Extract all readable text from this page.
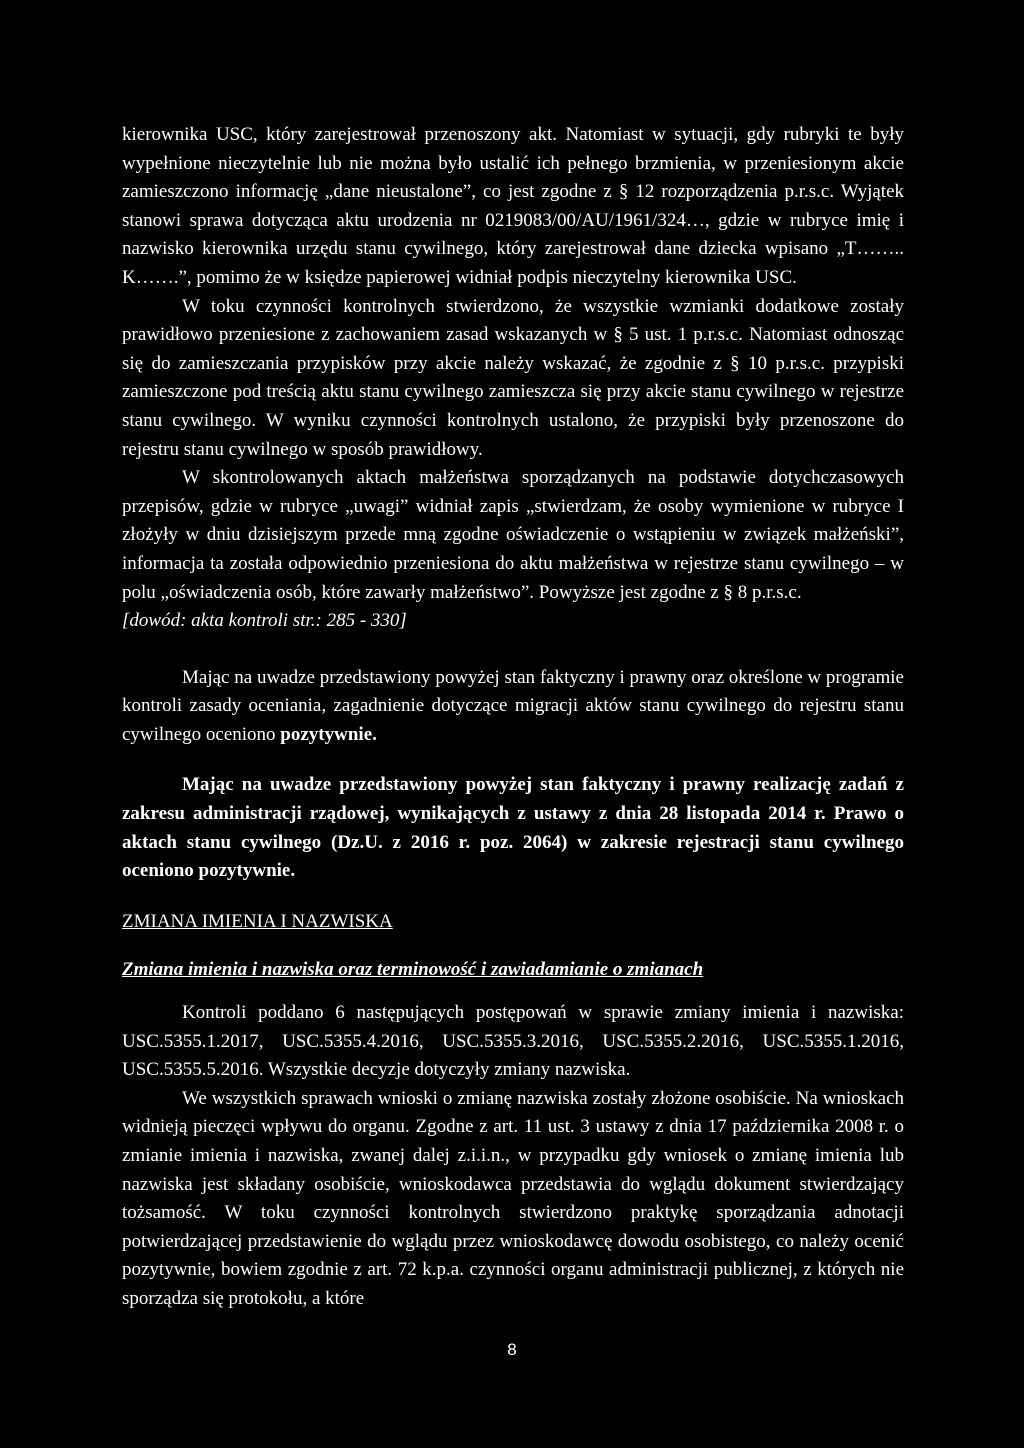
kierownika USC, który zarejestrował przenoszony akt. Natomiast w sytuacji, gdy rubryki te były wypełnione nieczytelnie lub nie można było ustalić ich pełnego brzmienia, w przeniesionym akcie zamieszczono informację „dane nieustalone”, co jest zgodne z § 12 rozporządzenia p.r.s.c. Wyjątek stanowi sprawa dotycząca aktu urodzenia nr 0219083/00/AU/1961/324…, gdzie w rubryce imię i nazwisko kierownika urzędu stanu cywilnego, który zarejestrował dane dziecka wpisano „T…….. K…….”, pomimo że w księdze papierowej widniał podpis nieczytelny kierownika USC.

W toku czynności kontrolnych stwierdzono, że wszystkie wzmianki dodatkowe zostały prawidłowo przeniesione z zachowaniem zasad wskazanych w § 5 ust. 1 p.r.s.c. Natomiast odnosząc się do zamieszczania przypisków przy akcie należy wskazać, że zgodnie z § 10 p.r.s.c. przypiski zamieszczone pod treścią aktu stanu cywilnego zamieszcza się przy akcie stanu cywilnego w rejestrze stanu cywilnego. W wyniku czynności kontrolnych ustalono, że przypiski były przenoszone do rejestru stanu cywilnego w sposób prawidłowy.

W skontrolowanych aktach małżeństwa sporządzanych na podstawie dotychczasowych przepisów, gdzie w rubryce „uwagi” widniał zapis „stwierdzam, że osoby wymienione w rubryce I złożyły w dniu dzisiejszym przede mną zgodne oświadczenie o wstąpieniu w związek małżeński”, informacja ta została odpowiednio przeniesiona do aktu małżeństwa w rejestrze stanu cywilnego – w polu „oświadczenia osób, które zawarły małżeństwo”. Powyższe jest zgodne z § 8 p.r.s.c.

[dowód: akta kontroli str.: 285 - 330]

Mając na uwadze przedstawiony powyżej stan faktyczny i prawny oraz określone w programie kontroli zasady oceniania, zagadnienie dotyczące migracji aktów stanu cywilnego do rejestru stanu cywilnego oceniono pozytywnie.

Mając na uwadze przedstawiony powyżej stan faktyczny i prawny realizację zadań z zakresu administracji rządowej, wynikających z ustawy z dnia 28 listopada 2014 r. Prawo o aktach stanu cywilnego (Dz.U. z 2016 r. poz. 2064) w zakresie rejestracji stanu cywilnego oceniono pozytywnie.

ZMIANA IMIENIA I NAZWISKA

Zmiana imienia i nazwiska oraz terminowość i zawiadamianie o zmianach

Kontroli poddano 6 następujących postępowań w sprawie zmiany imienia i nazwiska: USC.5355.1.2017, USC.5355.4.2016, USC.5355.3.2016, USC.5355.2.2016, USC.5355.1.2016, USC.5355.5.2016. Wszystkie decyzje dotyczyły zmiany nazwiska.

We wszystkich sprawach wnioski o zmianę nazwiska zostały złożone osobiście. Na wnioskach widnieją pieczęci wpływu do organu. Zgodne z art. 11 ust. 3 ustawy z dnia 17 października 2008 r. o zmianie imienia i nazwiska, zwanej dalej z.i.i.n., w przypadku gdy wniosek o zmianę imienia lub nazwiska jest składany osobiście, wnioskodawca przedstawia do wglądu dokument stwierdzający tożsamość. W toku czynności kontrolnych stwierdzono praktykę sporządzania adnotacji potwierdzającej przedstawienie do wglądu przez wnioskodawcę dowodu osobistego, co należy ocenić pozytywnie, bowiem zgodnie z art. 72 k.p.a. czynności organu administracji publicznej, z których nie sporządza się protokołu, a które

8
